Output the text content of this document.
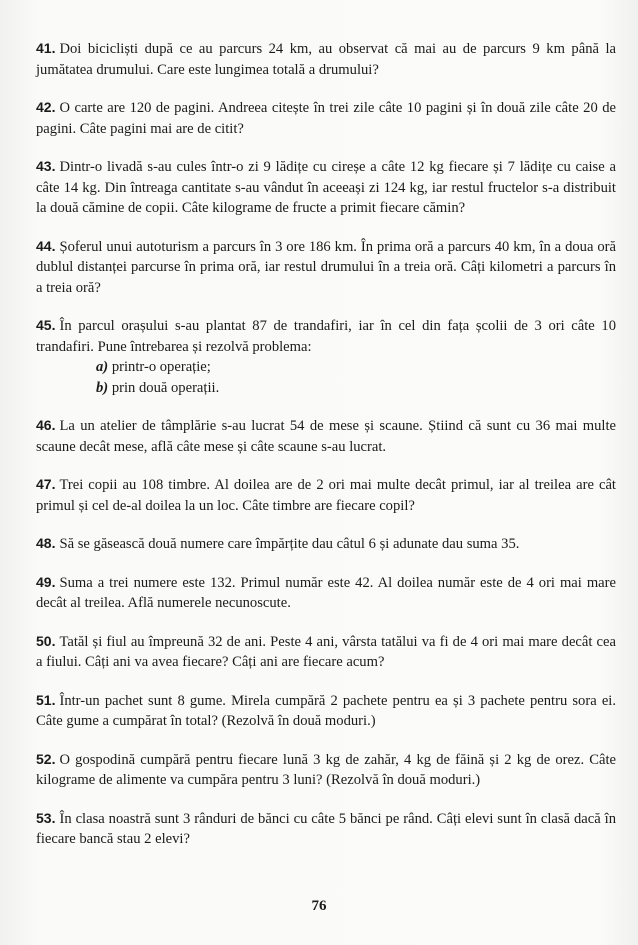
41. Doi bicicliști după ce au parcurs 24 km, au observat că mai au de parcurs 9 km până la jumătatea drumului. Care este lungimea totală a drumului?

42. O carte are 120 de pagini. Andreea citește în trei zile câte 10 pagini și în două zile câte 20 de pagini. Câte pagini mai are de citit?

43. Dintr-o livadă s-au cules într-o zi 9 lădițe cu cireșe a câte 12 kg fiecare și 7 lădițe cu caise a câte 14 kg. Din întreaga cantitate s-au vândut în aceeași zi 124 kg, iar restul fructelor s-a distribuit la două cămine de copii. Câte kilograme de fructe a primit fiecare cămin?

44. Șoferul unui autoturism a parcurs în 3 ore 186 km. În prima oră a parcurs 40 km, în a doua oră dublul distanței parcurse în prima oră, iar restul drumului în a treia oră. Câți kilometri a parcurs în a treia oră?

45. În parcul orașului s-au plantat 87 de trandafiri, iar în cel din fața școlii de 3 ori câte 10 trandafiri. Pune întrebarea și rezolvă problema:
a) printr-o operație;
b) prin două operații.

46. La un atelier de tâmplărie s-au lucrat 54 de mese și scaune. Știind că sunt cu 36 mai multe scaune decât mese, află câte mese și câte scaune s-au lucrat.

47. Trei copii au 108 timbre. Al doilea are de 2 ori mai multe decât primul, iar al treilea are cât primul și cel de-al doilea la un loc. Câte timbre are fiecare copil?

48. Să se găsească două numere care împărțite dau câtul 6 și adunate dau suma 35.

49. Suma a trei numere este 132. Primul număr este 42. Al doilea număr este de 4 ori mai mare decât al treilea. Află numerele necunoscute.

50. Tatăl și fiul au împreună 32 de ani. Peste 4 ani, vârsta tatălui va fi de 4 ori mai mare decât cea a fiului. Câți ani va avea fiecare? Câți ani are fiecare acum?

51. Într-un pachet sunt 8 gume. Mirela cumpără 2 pachete pentru ea și 3 pachete pentru sora ei. Câte gume a cumpărat în total? (Rezolvă în două moduri.)

52. O gospodină cumpără pentru fiecare lună 3 kg de zahăr, 4 kg de făină și 2 kg de orez. Câte kilograme de alimente va cumpăra pentru 3 luni? (Rezolvă în două moduri.)

53. În clasa noastră sunt 3 rânduri de bănci cu câte 5 bănci pe rând. Câți elevi sunt în clasă dacă în fiecare bancă stau 2 elevi?

76
